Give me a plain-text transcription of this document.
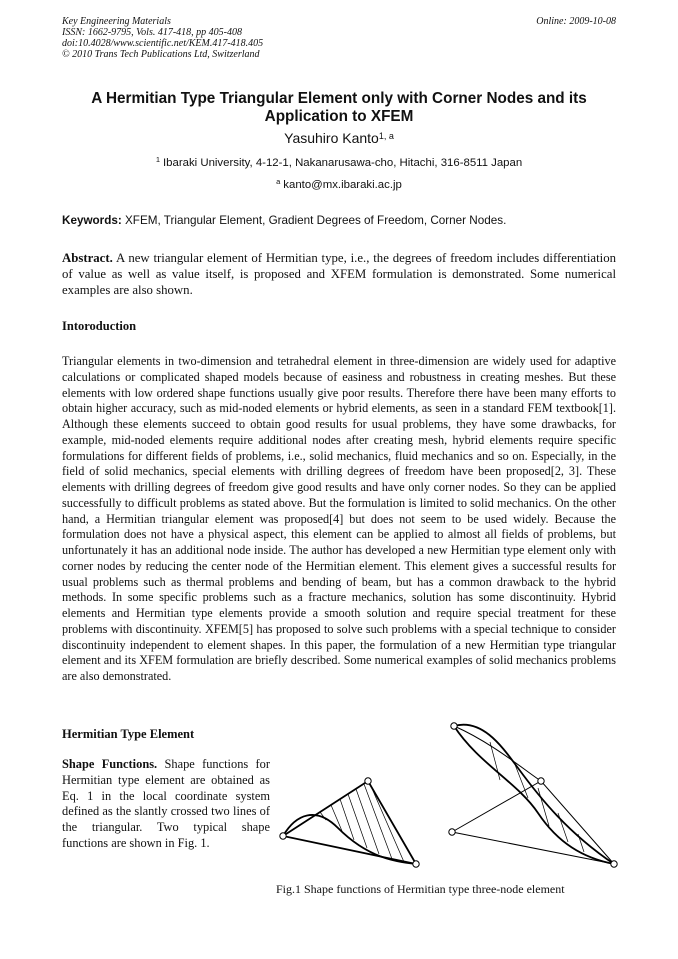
Key Engineering Materials
ISSN: 1662-9795, Vols. 417-418, pp 405-408
doi:10.4028/www.scientific.net/KEM.417-418.405
© 2010 Trans Tech Publications Ltd, Switzerland
Online: 2009-10-08
A Hermitian Type Triangular Element only with Corner Nodes and its Application to XFEM
Yasuhiro Kanto$^{1, a}$
$^1$ Ibaraki University, 4-12-1, Nakanarusawa-cho, Hitachi, 316-8511 Japan
$^a$ kanto@mx.ibaraki.ac.jp
Keywords: XFEM, Triangular Element, Gradient Degrees of Freedom, Corner Nodes.
Abstract. A new triangular element of Hermitian type, i.e., the degrees of freedom includes differentiation of value as well as value itself, is proposed and XFEM formulation is demonstrated. Some numerical examples are also shown.
Intoroduction
Triangular elements in two-dimension and tetrahedral element in three-dimension are widely used for adaptive calculations or complicated shaped models because of easiness and robustness in creating meshes. But these elements with low ordered shape functions usually give poor results. Therefore there have been many efforts to obtain higher accuracy, such as mid-noded elements or hybrid elements, as seen in a standard FEM textbook[1]. Although these elements succeed to obtain good results for usual problems, they have some drawbacks, for example, mid-noded elements require additional nodes after creating mesh, hybrid elements require specific formulations for different fields of problems, i.e., solid mechanics, fluid mechanics and so on. Especially, in the field of solid mechanics, special elements with drilling degrees of freedom have been proposed[2, 3]. These elements with drilling degrees of freedom give good results and have only corner nodes. So they can be applied successfully to difficult problems as stated above. But the formulation is limited to solid mechanics. On the other hand, a Hermitian triangular element was proposed[4] but does not seem to be used widely. Because the formulation does not have a physical aspect, this element can be applied to almost all fields of problems, but unfortunately it has an additional node inside. The author has developed a new Hermitian type element only with corner nodes by reducing the center node of the Hermitian element. This element gives a successful results for usual problems such as thermal problems and bending of beam, but has a common drawback to the hybrid methods. In some specific problems such as a fracture mechanics, solution has some discontinuity. Hybrid elements and Hermitian type elements provide a smooth solution and require special treatment for these problems with discontinuity. XFEM[5] has proposed to solve such problems with a special technique to consider discontinuity independent to element shapes. In this paper, the formulation of a new Hermitian type triangular element and its XFEM formulation are briefly described. Some numerical examples of solid mechanics problems are also demonstrated.
Hermitian Type Element
Shape Functions. Shape functions for Hermitian type element are obtained as Eq. 1 in the local coordinate system defined as the slantly crossed two lines of the triangular. Two typical shape functions are shown in Fig. 1.
Fig.1 Shape functions of Hermitian type three-node element
